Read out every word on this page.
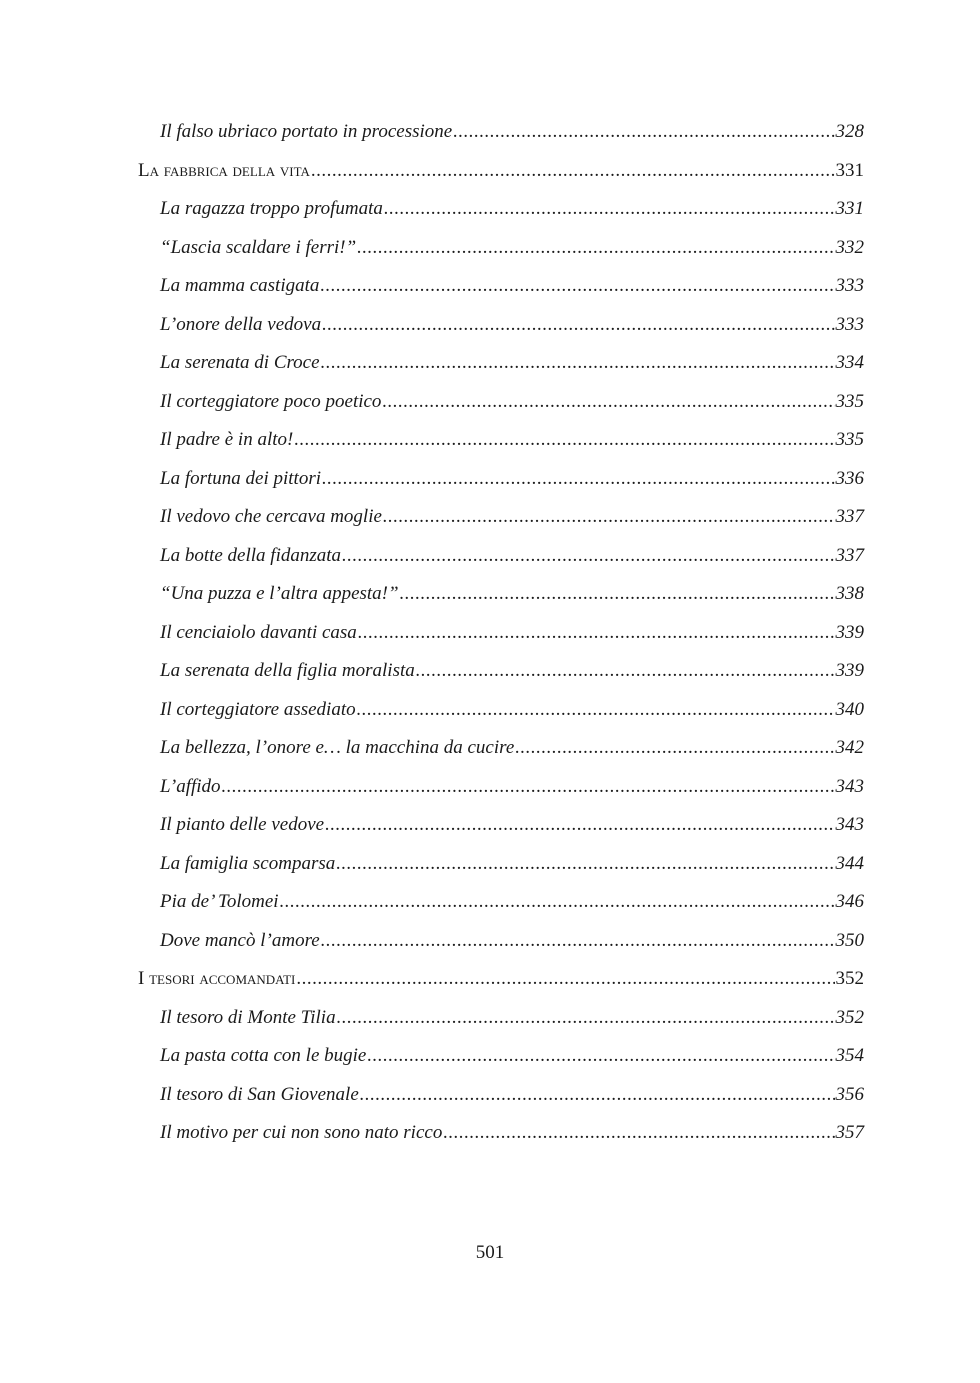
Il falso ubriaco portato in processione .....	328
La fabbrica della vita .....	331
La ragazza troppo profumata .....	331
“Lascia scaldare i ferri!” .....	332
La mamma castigata .....	333
L’onore della vedova .....	333
La serenata di Croce .....	334
Il corteggiatore poco poetico .....	335
Il padre è in alto! .....	335
La fortuna dei pittori .....	336
Il vedovo che cercava moglie .....	337
La botte della fidanzata .....	337
“Una puzza e l’altra appesta!” .....	338
Il cenciaiolo davanti casa .....	339
La serenata della figlia moralista .....	339
Il corteggiatore assediato .....	340
La bellezza, l’onore e… la macchina da cucire .....	342
L’affido .....	343
Il pianto delle vedove .....	343
La famiglia scomparsa .....	344
Pia de’ Tolomei .....	346
Dove mancò l’amore .....	350
I tesori accomandati .....	352
Il tesoro di Monte Tilia .....	352
La pasta cotta con le bugie .....	354
Il tesoro di San Giovenale .....	356
Il motivo per cui non sono nato ricco .....	357
501
